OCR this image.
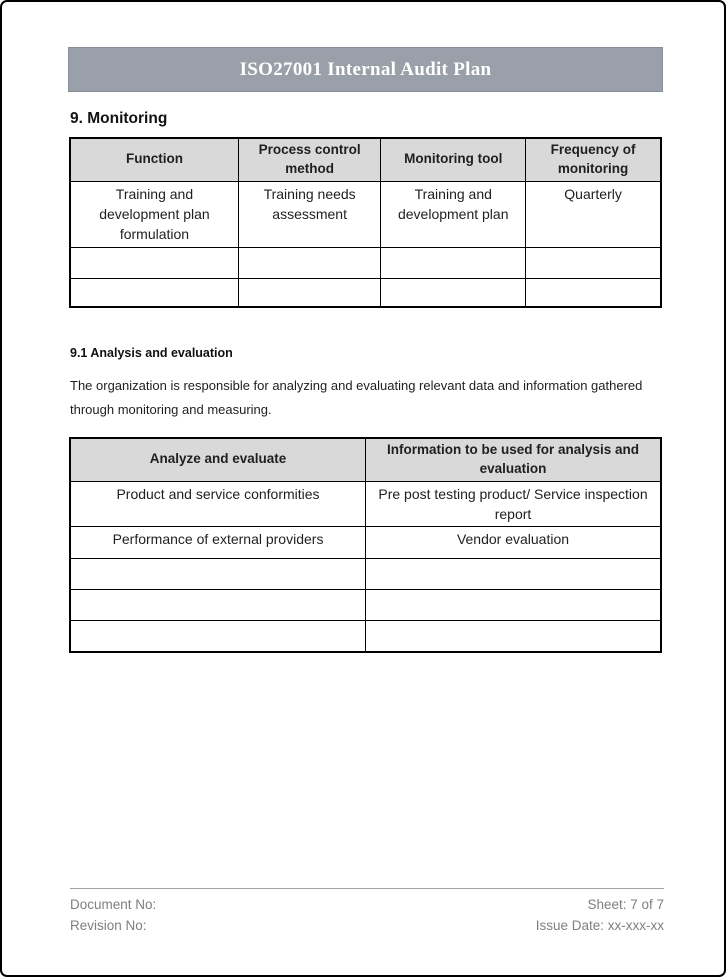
ISO27001 Internal Audit Plan
9. Monitoring
Function	Process control method	Monitoring tool	Frequency of monitoring
Training and development plan formulation	Training needs assessment	Training and development plan	Quarterly

9.1 Analysis and evaluation

The organization is responsible for analyzing and evaluating relevant data and information gathered through monitoring and measuring.

Analyze and evaluate	Information to be used for analysis and evaluation
Product and service conformities	Pre post testing product/ Service inspection report
Performance of external providers	Vendor evaluation

Document No:	Sheet: 7 of 7
Revision No:	Issue Date: xx-xxx-xx
